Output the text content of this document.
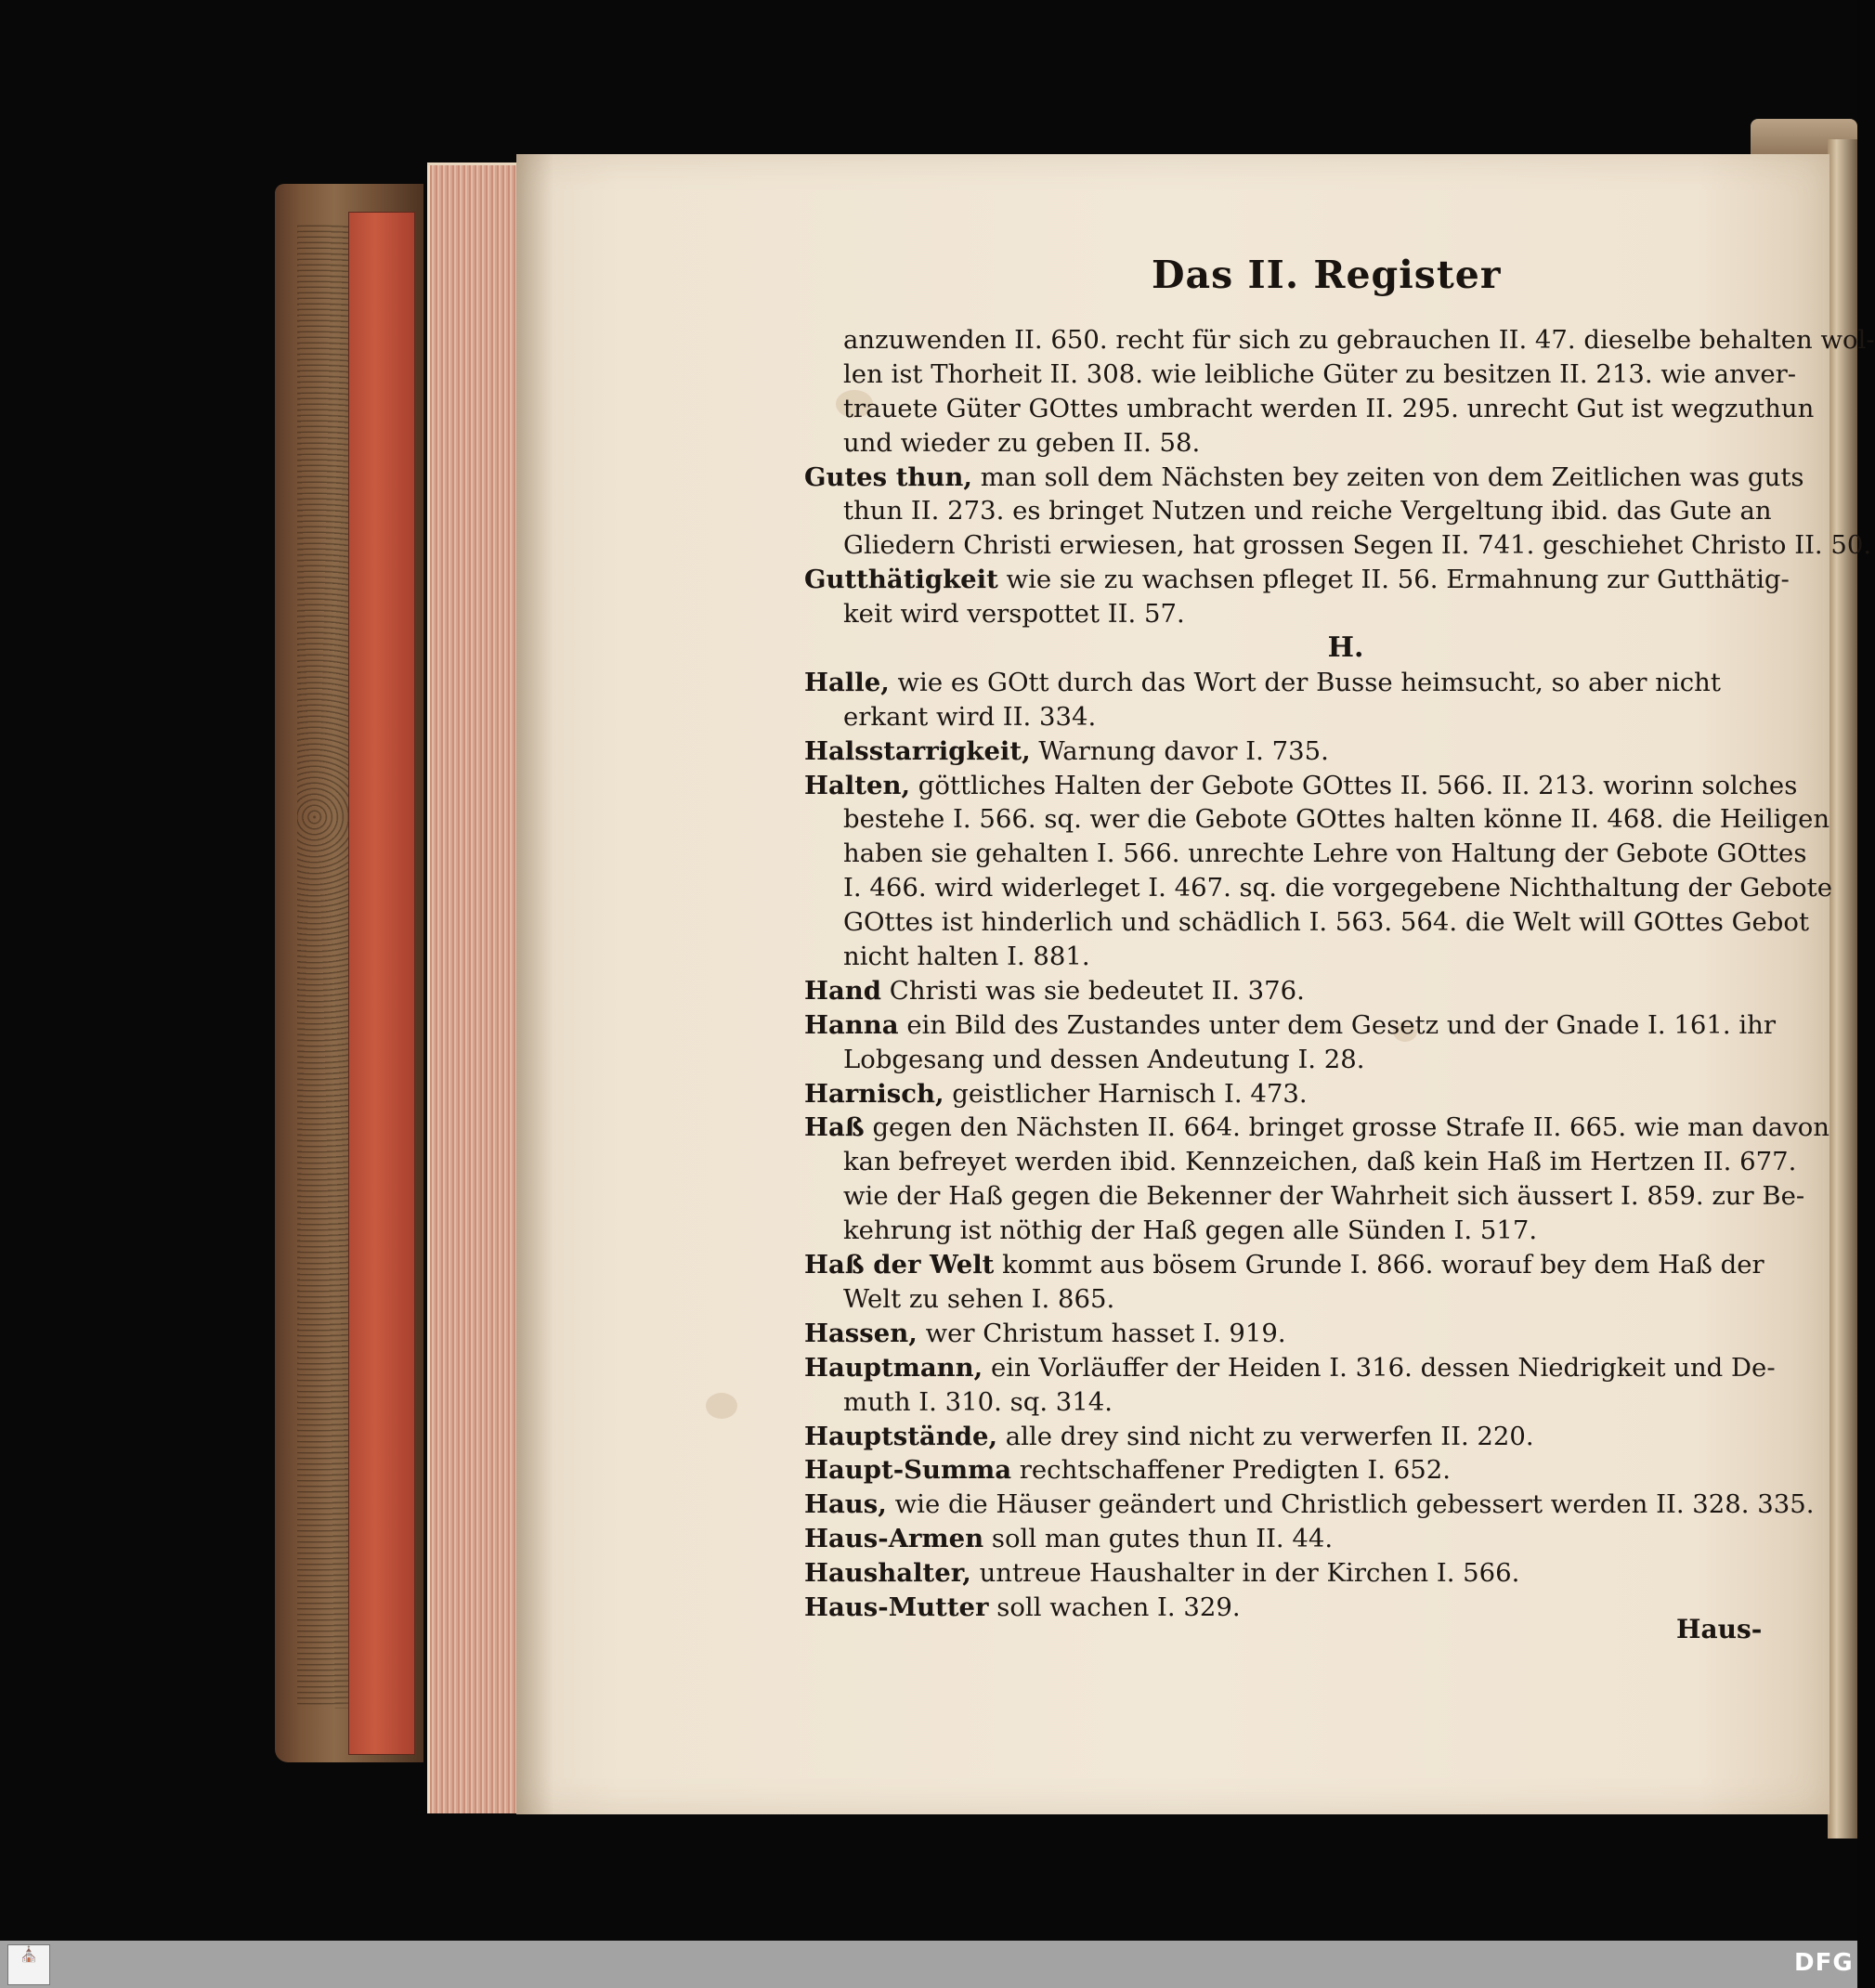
Das II. Register
anzuwenden II. 650. recht für sich zu gebrauchen II. 47. dieselbe behalten wol-
len ist Thorheit II. 308. wie leibliche Güter zu besitzen II. 213. wie anver-
trauete Güter GOttes umbracht werden II. 295. unrecht Gut ist wegzuthun
und wieder zu geben II. 58.
Gutes thun, man soll dem Nächsten bey zeiten von dem Zeitlichen was guts
thun II. 273. es bringet Nutzen und reiche Vergeltung ibid. das Gute an
Gliedern Christi erwiesen, hat grossen Segen II. 741. geschiehet Christo II. 50.
Gutthätigkeit wie sie zu wachsen pfleget II. 56. Ermahnung zur Gutthätig-
keit wird verspottet II. 57.
H.
Halle, wie es GOtt durch das Wort der Busse heimsucht, so aber nicht
erkant wird II. 334.
Halsstarrigkeit, Warnung davor I. 735.
Halten, göttliches Halten der Gebote GOttes II. 566. II. 213. worinn solches
bestehe I. 566. sq. wer die Gebote GOttes halten könne II. 468. die Heiligen
haben sie gehalten I. 566. unrechte Lehre von Haltung der Gebote GOttes
I. 466. wird widerleget I. 467. sq. die vorgegebene Nichthaltung der Gebote
GOttes ist hinderlich und schädlich I. 563. 564. die Welt will GOttes Gebot
nicht halten I. 881.
Hand Christi was sie bedeutet II. 376.
Hanna ein Bild des Zustandes unter dem Gesetz und der Gnade I. 161. ihr
Lobgesang und dessen Andeutung I. 28.
Harnisch, geistlicher Harnisch I. 473.
Haß gegen den Nächsten II. 664. bringet grosse Strafe II. 665. wie man davon
kan befreyet werden ibid. Kennzeichen, daß kein Haß im Hertzen II. 677.
wie der Haß gegen die Bekenner der Wahrheit sich äussert I. 859. zur Be-
kehrung ist nöthig der Haß gegen alle Sünden I. 517.
Haß der Welt kommt aus bösem Grunde I. 866. worauf bey dem Haß der
Welt zu sehen I. 865.
Hassen, wer Christum hasset I. 919.
Hauptmann, ein Vorläuffer der Heiden I. 316. dessen Niedrigkeit und De-
muth I. 310. sq. 314.
Hauptstände, alle drey sind nicht zu verwerfen II. 220.
Haupt-Summa rechtschaffener Predigten I. 652.
Haus, wie die Häuser geändert und Christlich gebessert werden II. 328. 335.
Haus-Armen soll man gutes thun II. 44.
Haushalter, untreue Haushalter in der Kirchen I. 566.
Haus-Mutter soll wachen I. 329.
Haus-
⛪	DFG
